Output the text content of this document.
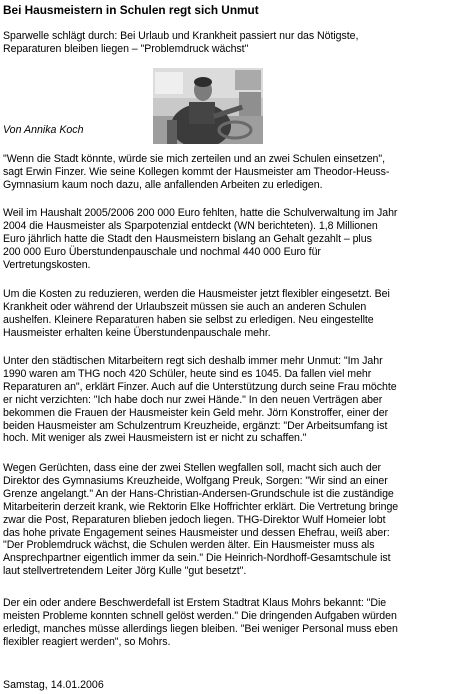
Bei Hausmeistern in Schulen regt sich Unmut
Sparwelle schlägt durch: Bei Urlaub und Krankheit passiert nur das Nötigste,
Reparaturen bleiben liegen – "Problemdruck wächst"
Von Annika Koch
"Wenn die Stadt könnte, würde sie mich zerteilen und an zwei Schulen einsetzen",
sagt Erwin Finzer. Wie seine Kollegen kommt der Hausmeister am Theodor-Heuss-
Gymnasium kaum noch dazu, alle anfallenden Arbeiten zu erledigen.
Weil im Haushalt 2005/2006 200 000 Euro fehlten, hatte die Schulverwaltung im Jahr
2004 die Hausmeister als Sparpotenzial entdeckt (WN berichteten). 1,8 Millionen
Euro jährlich hatte die Stadt den Hausmeistern bislang an Gehalt gezahlt – plus
200 000 Euro Überstundenpauschale und nochmal 440 000 Euro für
Vertretungskosten.
Um die Kosten zu reduzieren, werden die Hausmeister jetzt flexibler eingesetzt. Bei
Krankheit oder während der Urlaubszeit müssen sie auch an anderen Schulen
aushelfen. Kleinere Reparaturen haben sie selbst zu erledigen. Neu eingestellte
Hausmeister erhalten keine Überstundenpauschale mehr.
Unter den städtischen Mitarbeitern regt sich deshalb immer mehr Unmut: "Im Jahr
1990 waren am THG noch 420 Schüler, heute sind es 1045. Da fallen viel mehr
Reparaturen an", erklärt Finzer. Auch auf die Unterstützung durch seine Frau möchte
er nicht verzichten: "Ich habe doch nur zwei Hände." In den neuen Verträgen aber
bekommen die Frauen der Hausmeister kein Geld mehr. Jörn Konstroffer, einer der
beiden Hausmeister am Schulzentrum Kreuzheide, ergänzt: "Der Arbeitsumfang ist
hoch. Mit weniger als zwei Hausmeistern ist er nicht zu schaffen."
Wegen Gerüchten, dass eine der zwei Stellen wegfallen soll, macht sich auch der
Direktor des Gymnasiums Kreuzheide, Wolfgang Preuk, Sorgen: "Wir sind an einer
Grenze angelangt." An der Hans-Christian-Andersen-Grundschule ist die zuständige
Mitarbeiterin derzeit krank, wie Rektorin Elke Hoffrichter erklärt. Die Vertretung bringe
zwar die Post, Reparaturen blieben jedoch liegen. THG-Direktor Wulf Homeier lobt
das hohe private Engagement seines Hausmeister und dessen Ehefrau, weiß aber:
"Der Problemdruck wächst, die Schulen werden älter. Ein Hausmeister muss als
Ansprechpartner eigentlich immer da sein." Die Heinrich-Nordhoff-Gesamtschule ist
laut stellvertretendem Leiter Jörg Kulle "gut besetzt".
Der ein oder andere Beschwerdefall ist Erstem Stadtrat Klaus Mohrs bekannt: "Die
meisten Probleme konnten schnell gelöst werden." Die dringenden Aufgaben würden
erledigt, manches müsse allerdings liegen bleiben. "Bei weniger Personal muss eben
flexibler reagiert werden", so Mohrs.
Samstag, 14.01.2006
